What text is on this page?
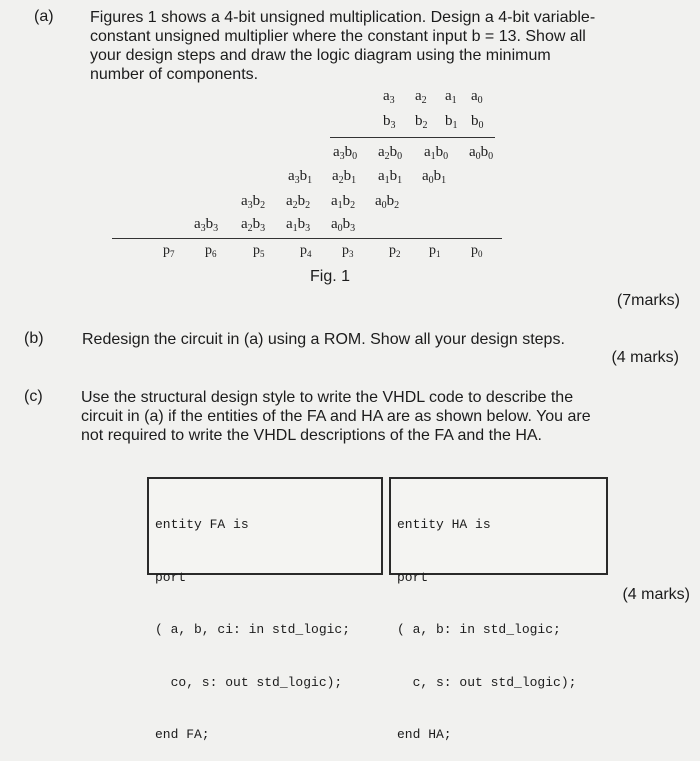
(a) Figures 1 shows a 4-bit unsigned multiplication. Design a 4-bit variable-
constant unsigned multiplier where the constant input b = 13. Show all
your design steps and draw the logic diagram using the minimum
number of components.
$a_3$ $a_2$ $a_1$ $a_0$
$b_3$ $b_2$ $b_1$ $b_0$
$a_3b_0$ $a_2b_0$ $a_1b_0$ $a_0b_0$
$a_3b_1$ $a_2b_1$ $a_1b_1$ $a_0b_1$
$a_3b_2$ $a_2b_2$ $a_1b_2$ $a_0b_2$
$a_3b_3$ $a_2b_3$ $a_1b_3$ $a_0b_3$
$p_7$ $p_6$	$p_5$	$p_4$ $p_3$	$p_2$ $p_1$ $p_0$
Fig. 1
(7marks)
(b) Redesign the circuit in (a) using a ROM. Show all your design steps.
(4 marks)
(c) Use the structural design style to write the VHDL code to describe the
circuit in (a) if the entities of the FA and HA are as shown below. You are
not required to write the VHDL descriptions of the FA and the HA.

entity FA is

port

( a, b, ci: in std_logic;

co, s: out std_logic);

end FA;

entity HA is

port

( a, b: in std_logic;

c, s: out std_logic);

end HA;

(4 marks)
